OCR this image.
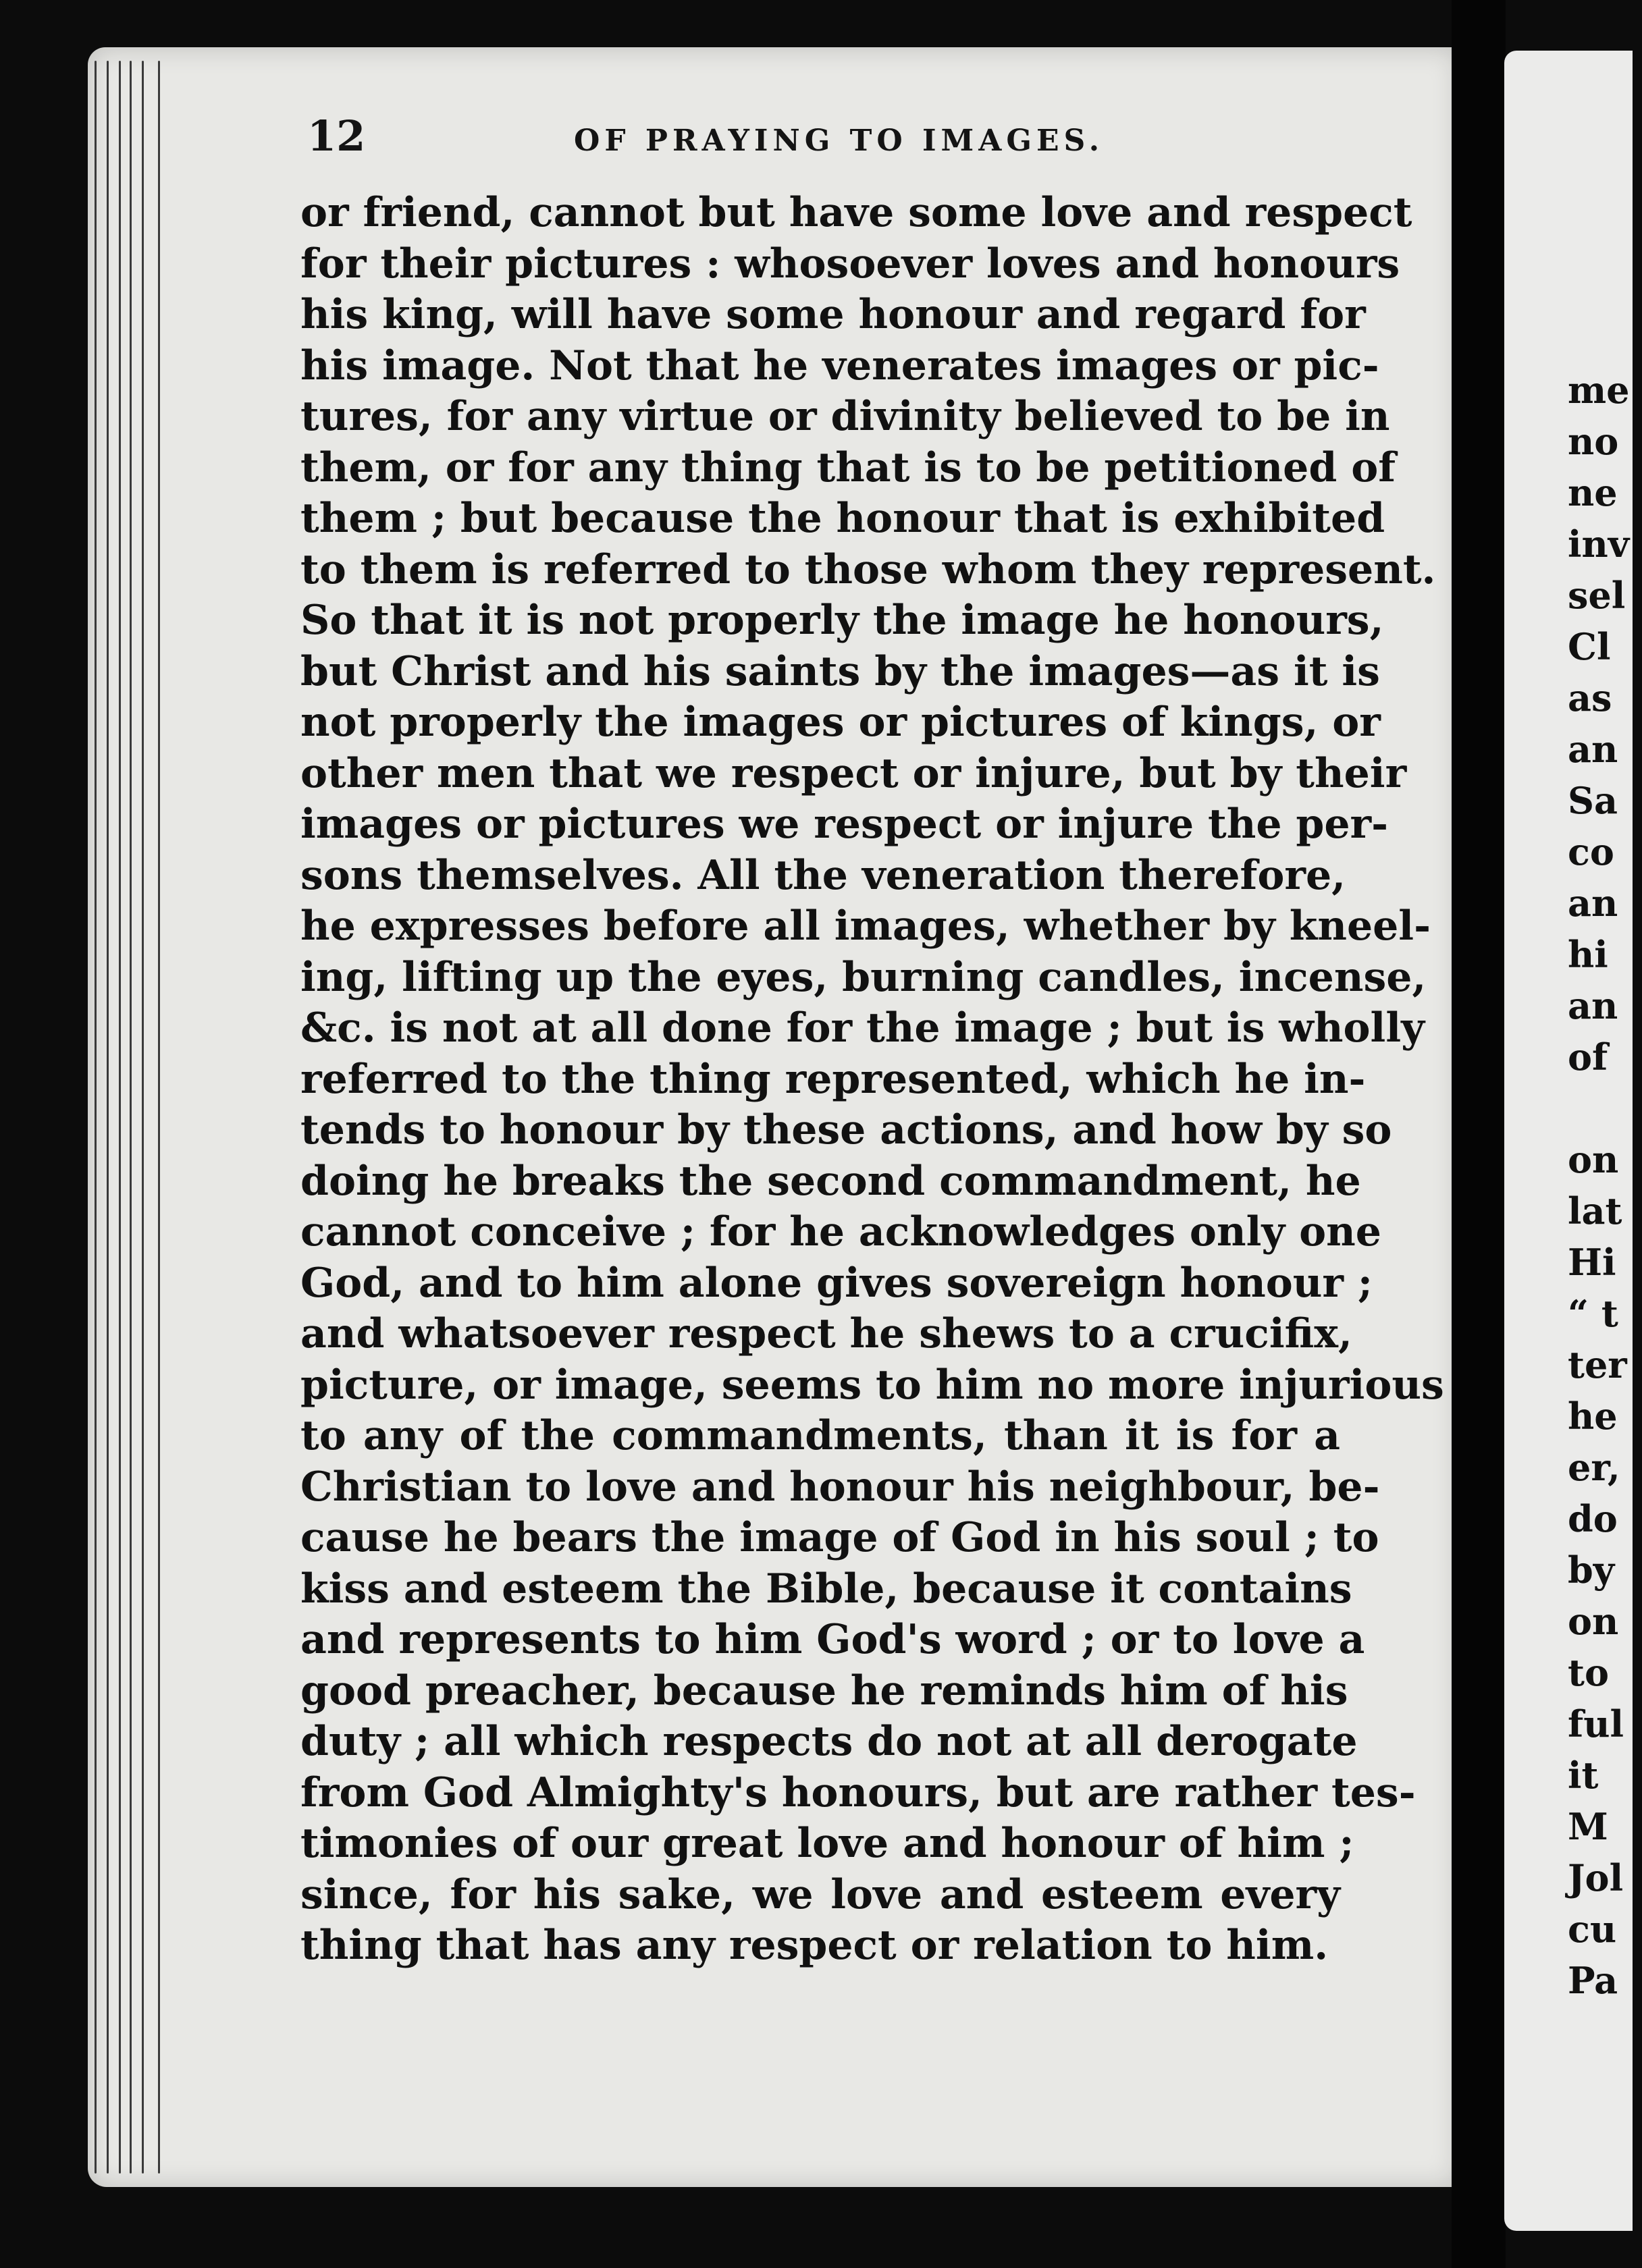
12	OF PRAYING TO IMAGES.
or friend, cannot but have some love and respect
for their pictures : whosoever loves and honours
his king, will have some honour and regard for
his image. Not that he venerates images or pic-
tures, for any virtue or divinity believed to be in
them, or for any thing that is to be petitioned of
them ; but because the honour that is exhibited
to them is referred to those whom they represent.
So that it is not properly the image he honours,
but Christ and his saints by the images—as it is
not properly the images or pictures of kings, or
other men that we respect or injure, but by their
images or pictures we respect or injure the per-
sons themselves. All the veneration therefore,
he expresses before all images, whether by kneel-
ing, lifting up the eyes, burning candles, incense,
&c. is not at all done for the image ; but is wholly
referred to the thing represented, which he in-
tends to honour by these actions, and how by so
doing he breaks the second commandment, he
cannot conceive ; for he acknowledges only one
God, and to him alone gives sovereign honour ;
and whatsoever respect he shews to a crucifix,
picture, or image, seems to him no more injurious
to any of the commandments, than it is for a
Christian to love and honour his neighbour, be-
cause he bears the image of God in his soul ; to
kiss and esteem the Bible, because it contains
and represents to him God's word ; or to love a
good preacher, because he reminds him of his
duty ; all which respects do not at all derogate
from God Almighty's honours, but are rather tes-
timonies of our great love and honour of him ;
since, for his sake, we love and esteem every
thing that has any respect or relation to him.
me
no
ne
inv
sel
Cl
as
an
Sa
co
an
hi
an
of
on
lat
Hi
“ t
ter
he
er,
do
by
on
to
ful
it
M
Jol
cu
Pa
